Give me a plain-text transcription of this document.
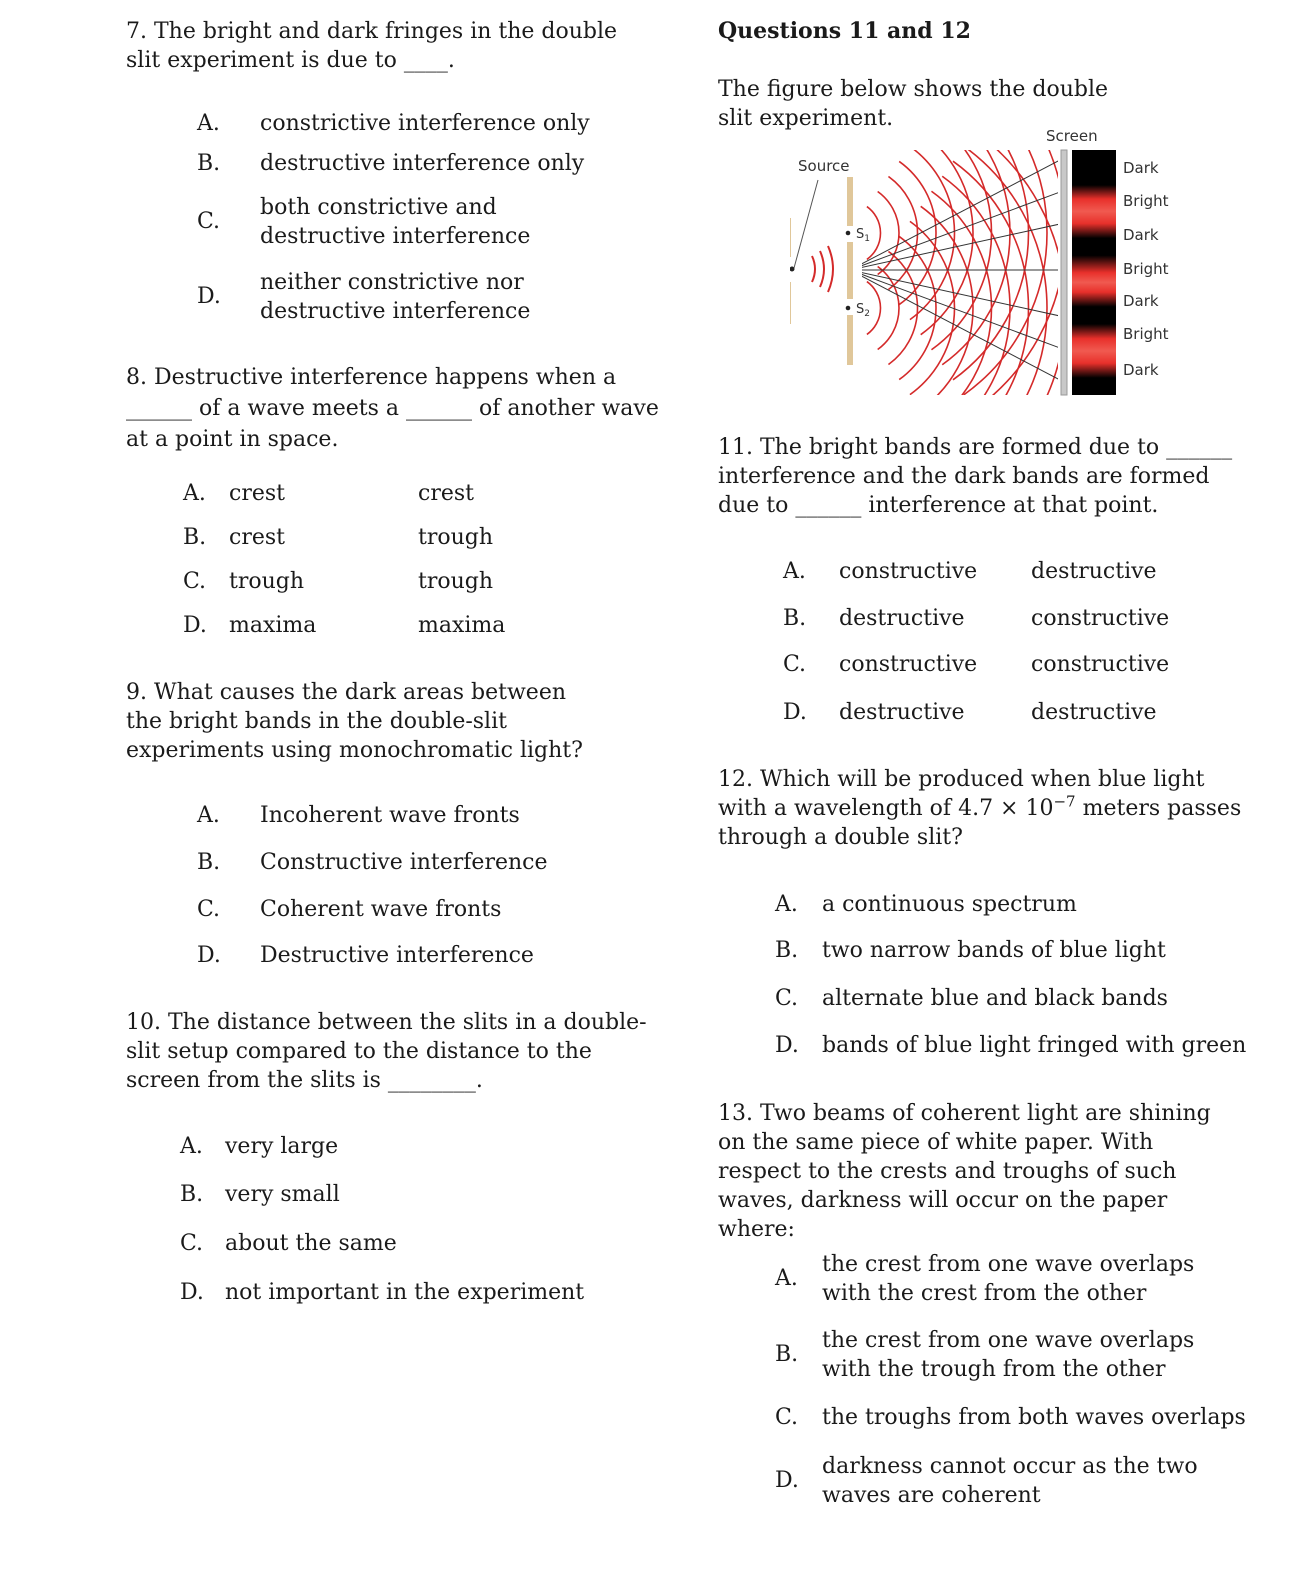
7. The bright and dark fringes in the double slit experiment is due to ____.
A. constrictive interference only
B. destructive interference only
C.
both constrictive and destructive interference
D.
neither constrictive nor destructive interference
8. Destructive interference happens when a
______ of a wave meets a ______ of another wave
at a point in space.
A. crest	crest
B. crest	trough
C. trough	trough
D. maxima	maxima
9. What causes the dark areas between the bright bands in the double-slit experiments using monochromatic light?
A. Incoherent wave fronts
B. Constructive interference
C. Coherent wave fronts
D. Destructive interference
10. The distance between the slits in a double-slit setup compared to the distance to the screen from the slits is ________.
A. very large
B. very small
C. about the same
D. not important in the experiment
Questions 11 and 12
The figure below shows the double slit experiment.
Source
Screen
$S_1$
$S_2$
Dark
Bright
Dark
Bright
Dark
Bright
Dark
11. The bright bands are formed due to ______ interference and the dark bands are formed due to ______ interference at that point.
A. constructive destructive
B. destructive	constructive
C. constructive constructive
D. destructive	destructive
12. Which will be produced when blue light with a wavelength of $4.7 \times 10^{-7}$ meters passes through a double slit?
A. a continuous spectrum
B. two narrow bands of blue light
C. alternate blue and black bands
D. bands of blue light fringed with green
13. Two beams of coherent light are shining on the same piece of white paper. With respect to the crests and troughs of such waves, darkness will occur on the paper where:
A.
the crest from one wave overlaps with the crest from the other
B.
the crest from one wave overlaps with the trough from the other
C. the troughs from both waves overlaps
D.
darkness cannot occur as the two waves are coherent
